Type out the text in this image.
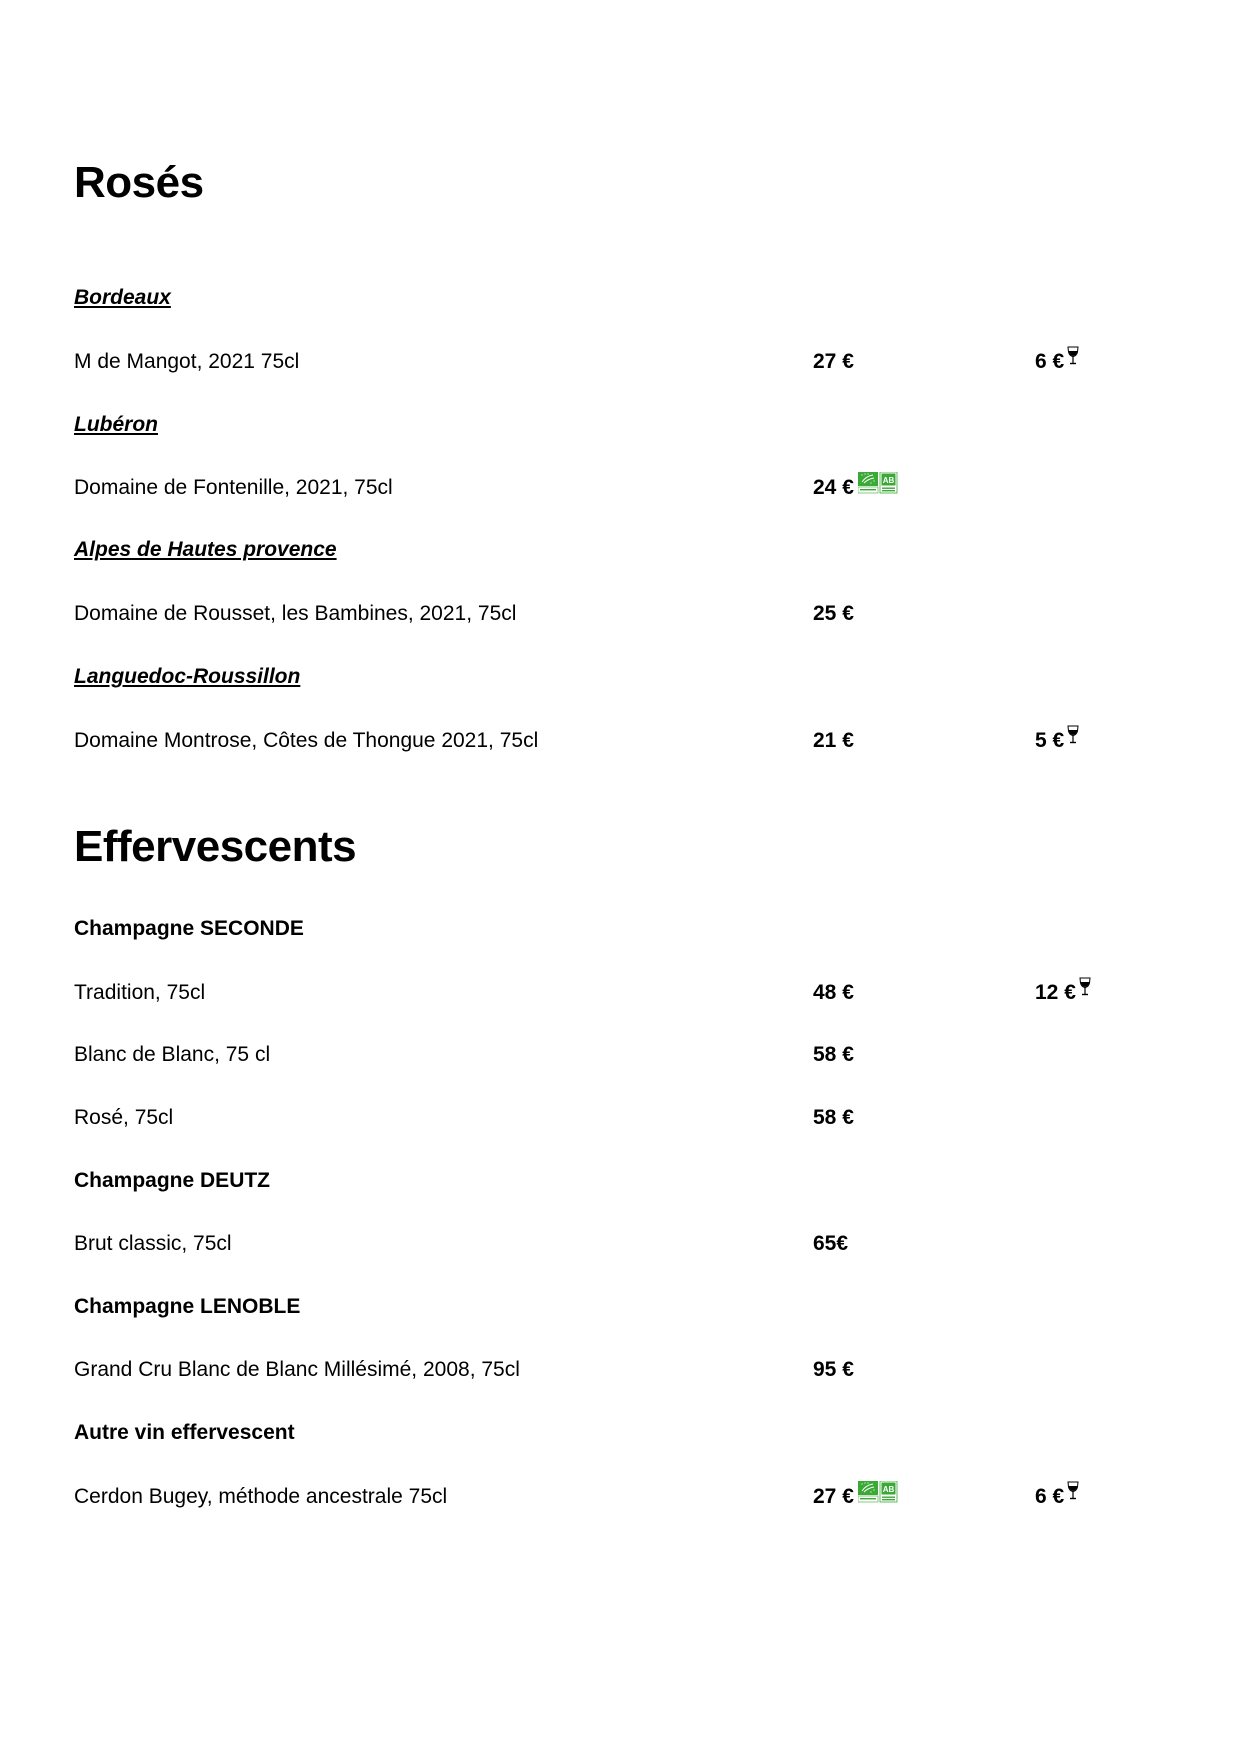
Rosés
Bordeaux
M de Mangot, 2021 75cl	27 €	6 €
Lubéron
Domaine de Fontenille, 2021, 75cl	24 €
Alpes de Hautes provence
Domaine de Rousset, les Bambines, 2021, 75cl	25 €
Languedoc-Roussillon
Domaine Montrose, Côtes de Thongue 2021, 75cl	21 €	5 €
Effervescents
Champagne SECONDE
Tradition, 75cl	48 €	12 €
Blanc de Blanc, 75 cl	58 €
Rosé, 75cl	58 €
Champagne DEUTZ
Brut classic, 75cl	65€
Champagne LENOBLE
Grand Cru Blanc de Blanc Millésimé, 2008, 75cl	95 €
Autre vin effervescent
Cerdon Bugey, méthode ancestrale 75cl	27 €	6 €
